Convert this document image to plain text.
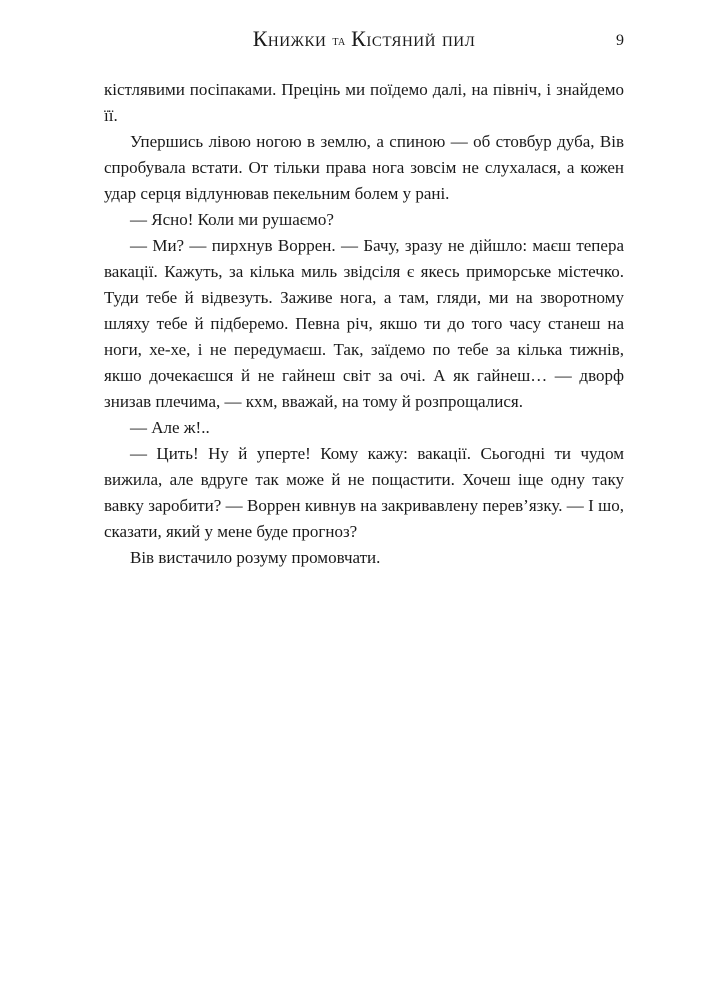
Книжки та Кістяний пил	9

кістлявими посіпаками. Прецінь ми поїдемо далі, на північ, і знайдемо її.

Упершись лівою ногою в землю, а спиною — об стовбур дуба, Вів спробувала встати. От тільки права нога зовсім не слухалася, а кожен удар серця відлунював пекельним болем у рані.

— Ясно! Коли ми рушаємо?

— Ми? — пирхнув Воррен. — Бачу, зразу не дійшло: маєш тепера вакації. Кажуть, за кілька миль звідсіля є якесь приморське містечко. Туди тебе й відвезуть. Заживе нога, а там, гляди, ми на зворотному шляху тебе й підберемо. Певна річ, якшо ти до того часу станеш на ноги, хе-хе, і не передумаєш. Так, заїдемо по тебе за кілька тижнів, якшо дочекаєшся й не гайнеш світ за очі. А як гайнеш… — дворф знизав плечима, — кхм, вважай, на тому й розпрощалися.

— Але ж!..

— Цить! Ну й уперте! Кому кажу: вакації. Сьогодні ти чудом вижила, але вдруге так може й не пощастити. Хочеш іще одну таку вавку заробити? — Воррен кивнув на закривавлену перев’язку. — І шо, сказати, який у мене буде прогноз?

Вів вистачило розуму промовчати.
